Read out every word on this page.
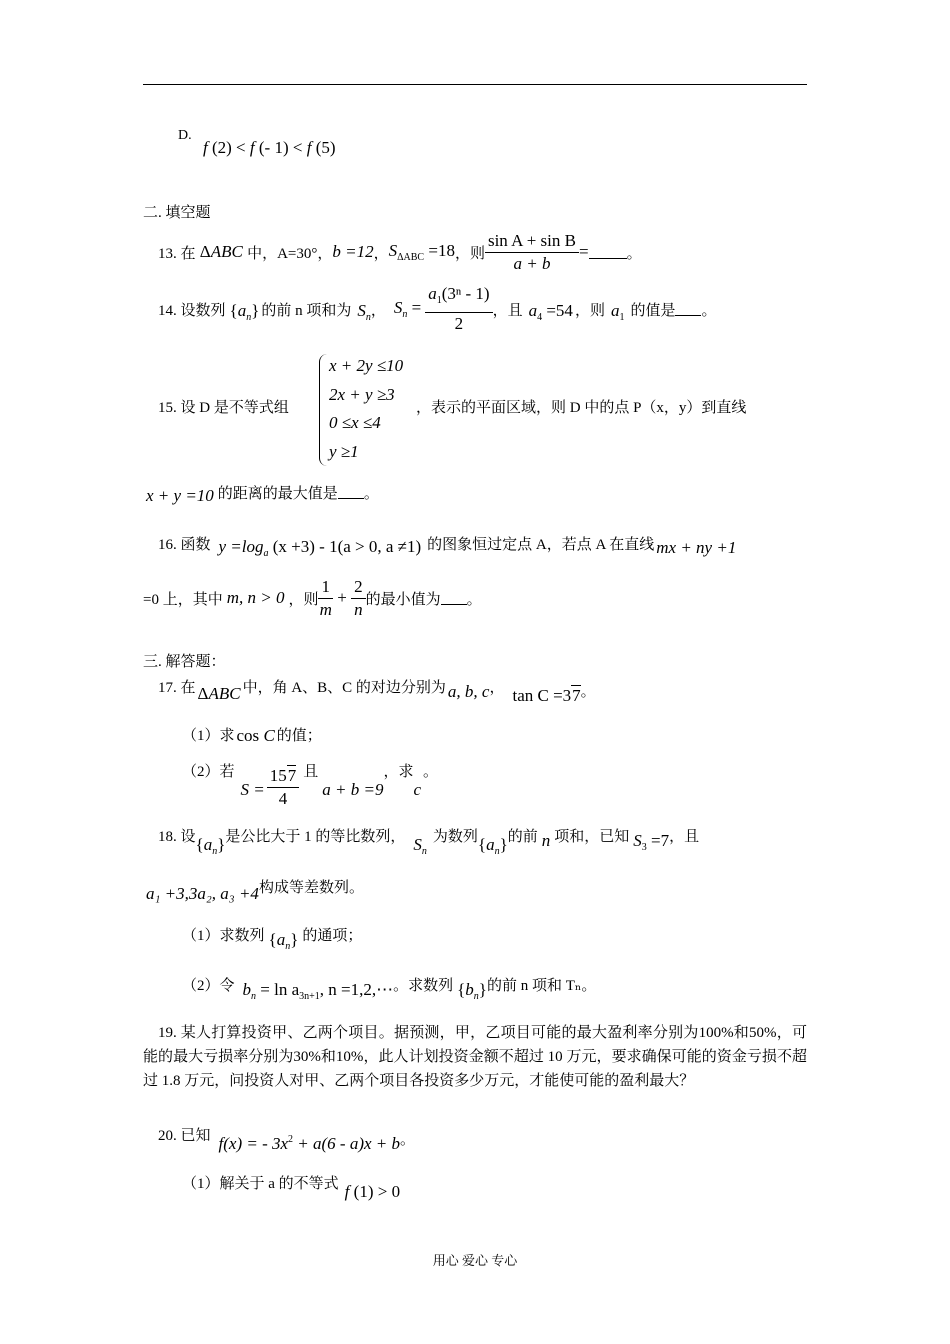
D.
f (2) < f (- 1) < f (5)
二. 填空题
13. 在 ΔABC 中，A=30°， b =12 ， $S_{\Delta ABC} =18$ ，则 $\frac{\text{sin A + sin B}}{a + b}$ =	。
14. 设数列 $\{a_n\}$ 的前 n 项和为 $S_n$ ， $S_n = \frac{a_1(3^n - 1)}{2}$ ，且 $a_4 =54$ ，则 $a_1$ 的值是 。
15. 设 D 是不等式组
x + 2y ≤10
2x + y ≥3
0 ≤x ≤4
y ≥1
，表示的平面区域，则 D 中的点 P（x，y）到直线
x + y =10 的距离的最大值是 。
16. 函数 $y =\log_a$ (x +3) - 1(a > 0, a ≠1) 的图象恒过定点 A，若点 A 在直线 mx + ny +1
=0 上，其中 m, n > 0 ，则 $\frac{1}{m} + \frac{2}{n}$ 的最小值为 。
三. 解答题：
17. 在 ΔABC 中，角 A、B、C 的对边分别为 a, b, c ， tan C =37 。
（1）求 cos C 的值；
（2）若
$S = \frac{157}{4}$ 且
a + b =9
，求
c
。
18. 设 $\{a_n\}$ 是公比大于 1 的等比数列， $S_n$
为数列 $\{a_n\}$ 的前 n 项和，已知 $S_3 =7$ ，且
a₁ +3,3a₂, a₃ +4 构成等差数列。
（1）求数列 $\{a_n\}$ 的通项；
（2）令 $b_n = \ln a_{3n+1}$, n =1,2,⋯ 。求数列 $\{b_n\}$ 的前 n 项和 Tₙ。
19. 某人打算投资甲、乙两个项目。据预测，甲，乙项目可能的最大盈利率分别为100%和50%，可能的最大亏损率分别为30%和10%，此人计划投资金额不超过 10 万元，要求确保可能的资金亏损不超过 1.8 万元，问投资人对甲、乙两个项目各投资多少万元，才能使可能的盈利最大？
20. 已知 f(x) = - $3x^2 + a(6 - a)x + b$ 。
（1）解关于 a 的不等式 f (1) > 0
用心 爱心 专心
